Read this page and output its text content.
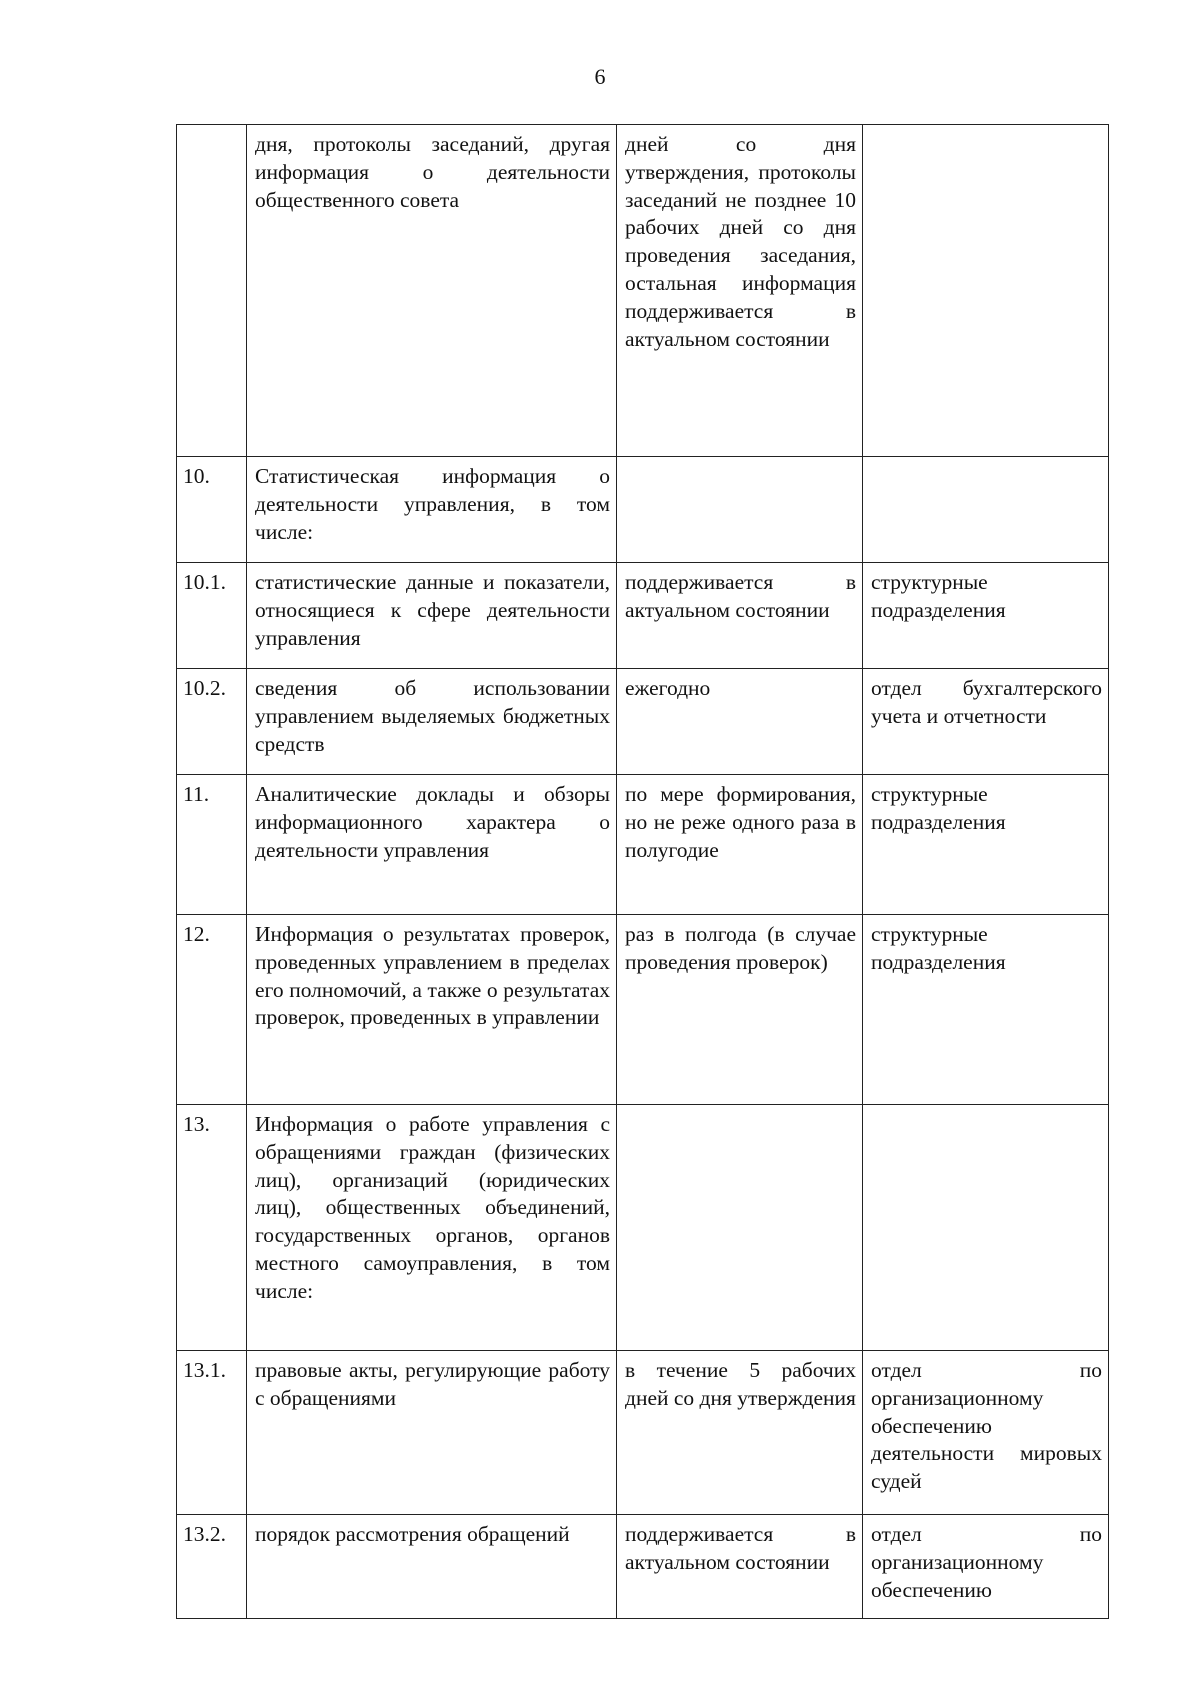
6
	дня, протоколы заседаний, другая информация о деятельности общественного совета	дней со дня утверждения, протоколы заседаний не позднее 10 рабочих дней со дня проведения заседания, остальная информация поддерживается в актуальном состоянии	
10.	Статистическая информация о деятельности управления, в том числе:		
10.1.	статистические данные и показатели, относящиеся к сфере деятельности управления	поддерживается в актуальном состоянии	структурные подразделения
10.2.	сведения об использовании управлением выделяемых бюджетных средств	ежегодно	отдел бухгалтерского учета и отчетности
11.	Аналитические доклады и обзоры информационного характера о деятельности управления	по мере формирования, но не реже одного раза в полугодие	структурные подразделения
12.	Информация о результатах проверок, проведенных управлением в пределах его полномочий, а также о результатах проверок, проведенных в управлении	раз в полгода (в случае проведения проверок)	структурные подразделения
13.	Информация о работе управления с обращениями граждан (физических лиц), организаций (юридических лиц), общественных объединений, государственных органов, органов местного самоуправления, в том числе:		
13.1.	правовые акты, регулирующие работу с обращениями	в течение 5 рабочих дней со дня утверждения	отдел по организационному обеспечению деятельности мировых судей
13.2.	порядок рассмотрения обращений	поддерживается в актуальном состоянии	отдел по организационному обеспечению
